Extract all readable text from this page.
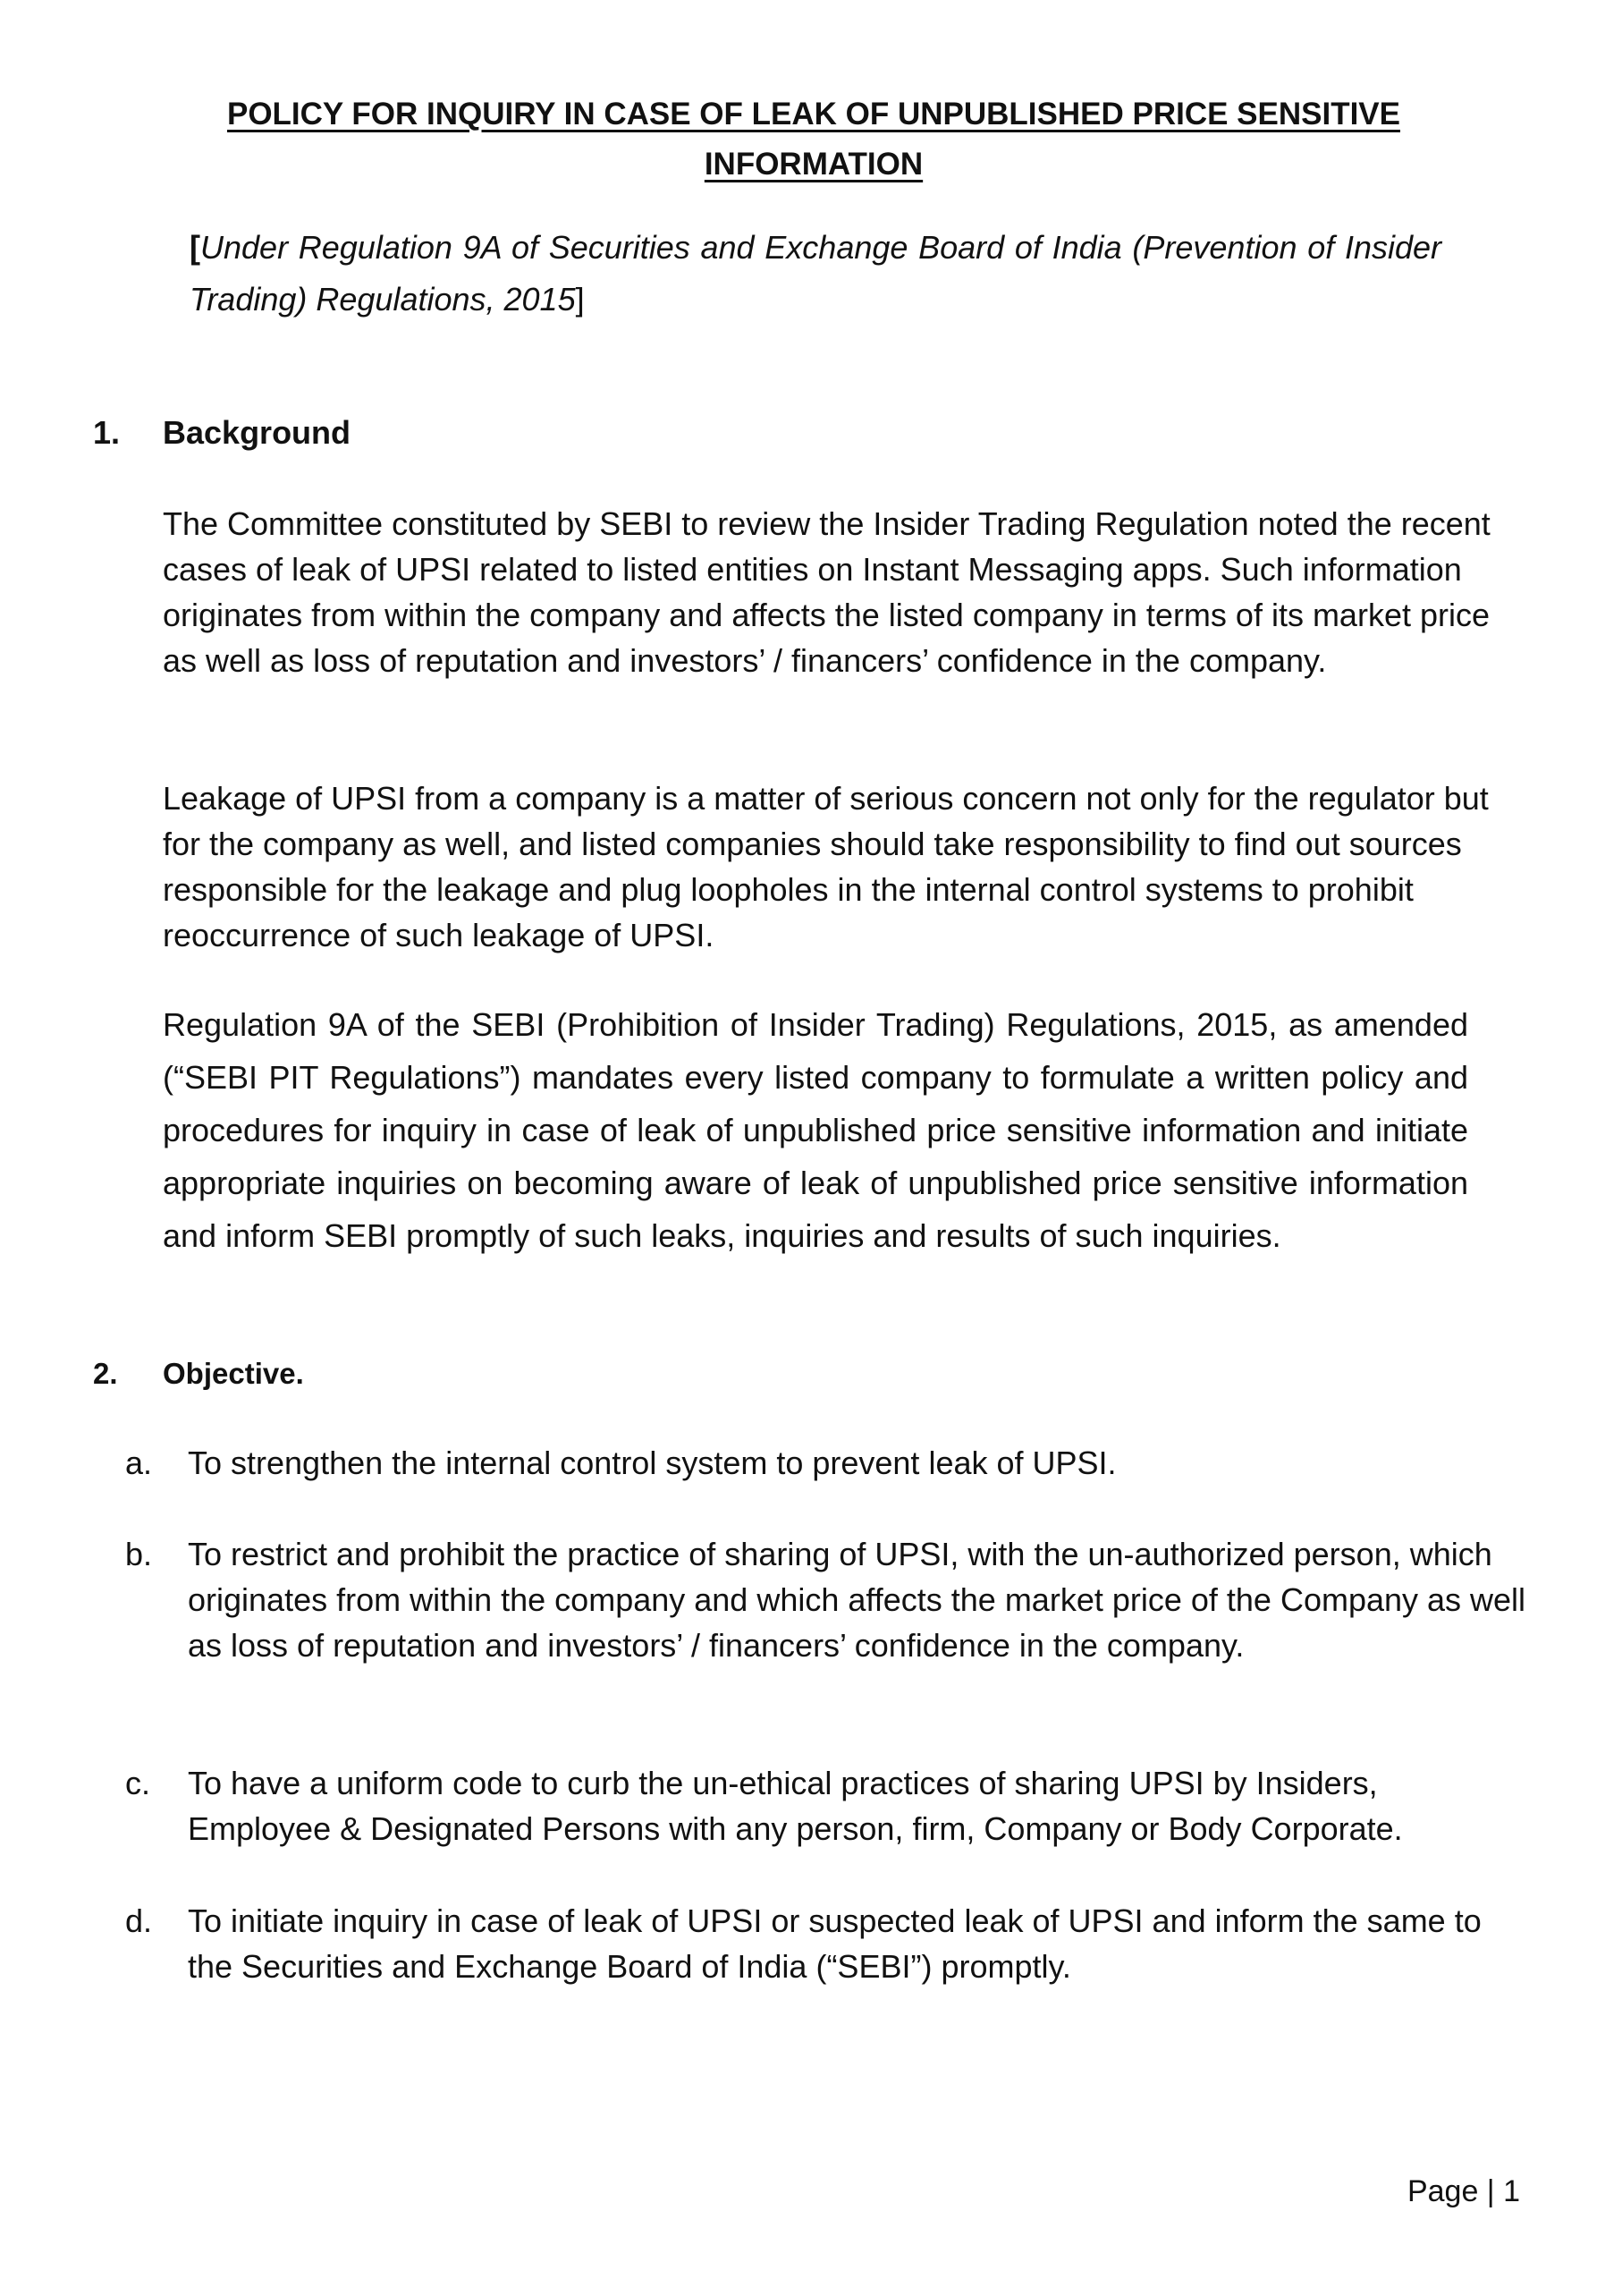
POLICY FOR INQUIRY IN CASE OF LEAK OF UNPUBLISHED PRICE SENSITIVE
INFORMATION
[Under Regulation 9A of Securities and Exchange Board of India (Prevention of Insider Trading) Regulations, 2015]
1. Background
The Committee constituted by SEBI to review the Insider Trading Regulation noted the recent cases of leak of UPSI related to listed entities on Instant Messaging apps. Such information originates from within the company and affects the listed company in terms of its market price as well as loss of reputation and investors’ / financers’ confidence in the company.
Leakage of UPSI from a company is a matter of serious concern not only for the regulator but for the company as well, and listed companies should take responsibility to find out sources responsible for the leakage and plug loopholes in the internal control systems to prohibit reoccurrence of such leakage of UPSI.
Regulation 9A of the SEBI (Prohibition of Insider Trading) Regulations, 2015, as amended (“SEBI PIT Regulations”) mandates every listed company to formulate a written policy and procedures for inquiry in case of leak of unpublished price sensitive information and initiate appropriate inquiries on becoming aware of leak of unpublished price sensitive information and inform SEBI promptly of such leaks, inquiries and results of such inquiries.
2. Objective.
a. To strengthen the internal control system to prevent leak of UPSI.
b. To restrict and prohibit the practice of sharing of UPSI, with the un-authorized person, which originates from within the company and which affects the market price of the Company as well as loss of reputation and investors’ / financers’ confidence in the company.
c. To have a uniform code to curb the un-ethical practices of sharing UPSI by Insiders, Employee & Designated Persons with any person, firm, Company or Body Corporate.
d. To initiate inquiry in case of leak of UPSI or suspected leak of UPSI and inform the same to the Securities and Exchange Board of India (“SEBI”) promptly.
Page | 1
